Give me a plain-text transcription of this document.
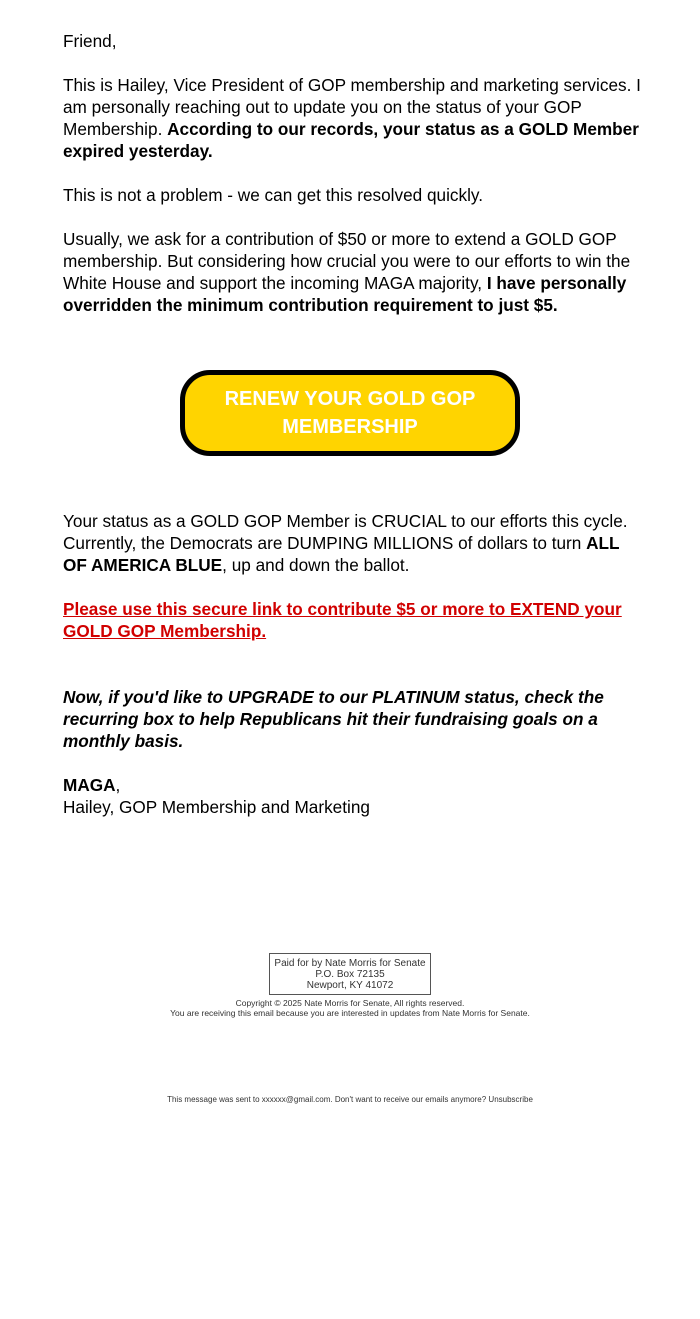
Friend,

This is Hailey, Vice President of GOP membership and marketing services. I am personally reaching out to update you on the status of your GOP Membership. According to our records, your status as a GOLD Member expired yesterday.

This is not a problem - we can get this resolved quickly.

Usually, we ask for a contribution of $50 or more to extend a GOLD GOP membership. But considering how crucial you were to our efforts to win the White House and support the incoming MAGA majority, I have personally overridden the minimum contribution requirement to just $5.

RENEW YOUR GOLD GOP MEMBERSHIP

Your status as a GOLD GOP Member is CRUCIAL to our efforts this cycle. Currently, the Democrats are DUMPING MILLIONS of dollars to turn ALL OF AMERICA BLUE, up and down the ballot.

Please use this secure link to contribute $5 or more to EXTEND your GOLD GOP Membership.

Now, if you'd like to UPGRADE to our PLATINUM status, check the recurring box to help Republicans hit their fundraising goals on a monthly basis.

MAGA,

Hailey, GOP Membership and Marketing

Paid for by Nate Morris for Senate
P.O. Box 72135
Newport, KY 41072
Copyright © 2025 Nate Morris for Senate, All rights reserved.
You are receiving this email because you are interested in updates from Nate Morris for Senate.
This message was sent to xxxxxx@gmail.com. Don't want to receive our emails anymore? Unsubscribe
